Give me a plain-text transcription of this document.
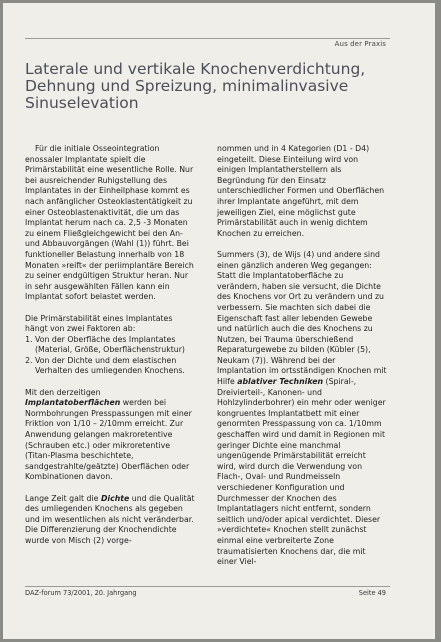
Aus der Praxis
Laterale und vertikale Knochenverdichtung, Dehnung und Spreizung, minimalinvasive Sinuselevation

Für die initiale Osseointegration enossaler Implantate spielt die Primärstabilität eine wesentliche Rolle. Nur bei ausreichender Ruhigstellung des Implantates in der Einheilphase kommt es nach anfänglicher Osteoklastentätigkeit zu einer Osteoblastenaktivität, die um das Implantat herum nach ca. 2,5 -3 Monaten zu einem Fließgleichgewicht bei den An- und Abbauvorgängen (Wahl (1)) führt. Bei funktioneller Belastung innerhalb von 18 Monaten »reift« der periimplantäre Bereich zu seiner endgültigen Struktur heran. Nur in sehr ausgewählten Fällen kann ein Implantat sofort belastet werden.

Die Primärstabilität eines Implantates hängt von zwei Faktoren ab:

1. Von der Oberfläche des Implantates (Material, Größe, Oberflächenstruktur)
2. Von der Dichte und dem elastischen Verhalten des umliegenden Knochens.

Mit den derzeitigen Implantatoberflächen werden bei Normbohrungen Presspassungen mit einer Friktion von 1/10 – 2/10mm erreicht. Zur Anwendung gelangen makroretentive (Schrauben etc.) oder mikroretentive (Titan-Plasma beschichtete, sandgestrahlte/geätzte) Oberflächen oder Kombinationen davon.

Lange Zeit galt die Dichte und die Qualität des umliegenden Knochens als gegeben und im wesentlichen als nicht veränderbar. Die Differenzierung der Knochendichte wurde von Misch (2) vorge-

nommen und in 4 Kategorien (D1 - D4) eingeteilt. Diese Einteilung wird von einigen Implantatherstellern als Begründung für den Einsatz unterschiedlicher Formen und Oberflächen ihrer Implantate angeführt, mit dem jeweiligen Ziel, eine möglichst gute Primärstabilität auch in wenig dichtem Knochen zu erreichen.

Summers (3), de Wijs (4) und andere sind einen gänzlich anderen Weg gegangen: Statt die Implantatoberfläche zu verändern, haben sie versucht, die Dichte des Knochens vor Ort zu verändern und zu verbessern. Sie machten sich dabei die Eigenschaft fast aller lebenden Gewebe und natürlich auch die des Knochens zu Nutzen, bei Trauma überschießend Reparaturgewebe zu bilden (Kübler (5), Neukam (7)). Während bei der Implantation im ortsständigen Knochen mit Hilfe ablativer Techniken (Spiral-, Dreivierteil-, Kanonen- und Hohlzylinderbohrer) ein mehr oder weniger kongruentes Implantatbett mit einer genormten Presspassung von ca. 1/10mm geschaffen wird und damit in Regionen mit geringer Dichte eine manchmal ungenügende Primärstabilität erreicht wird, wird durch die Verwendung von Flach-, Oval- und Rundmeisseln verschiedener Konfiguration und Durchmesser der Knochen des Implantatlagers nicht entfernt, sondern seitlich und/oder apical verdichtet. Dieser »verdichtete« Knochen stellt zunächst einmal eine verbreiterte Zone traumatisierten Knochens dar, die mit einer Viel-

DAZ-forum 73/2001, 20. Jahrgang	Seite 49
